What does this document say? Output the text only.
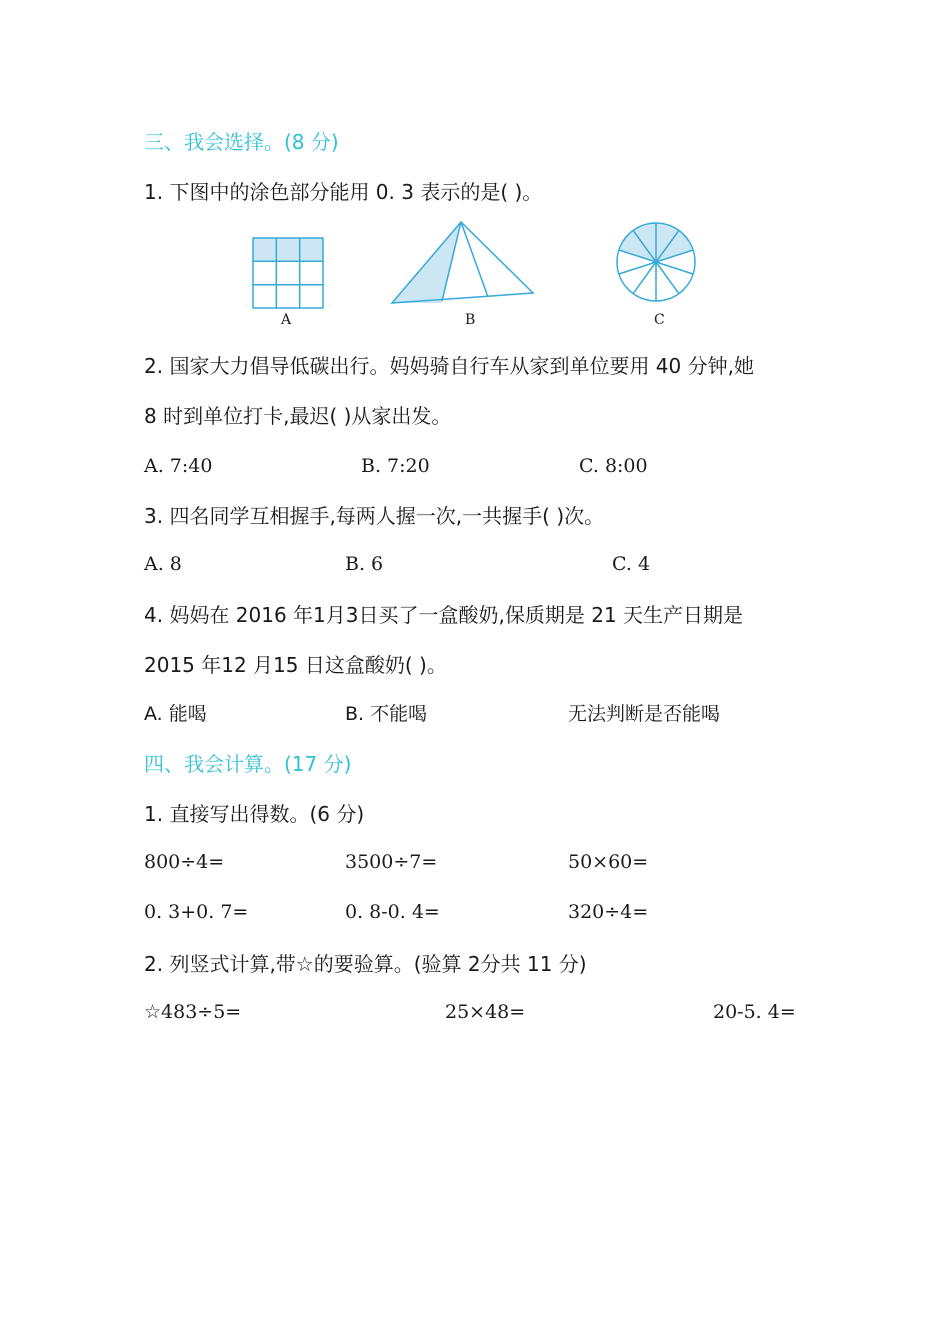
三、我会选择。(8 分)
1. 下图中的涂色部分能用 0. 3 表示的是( )。
A	B	C
2. 国家大力倡导低碳出行。妈妈骑自行车从家到单位要用 40 分钟,她
8 时到单位打卡,最迟( )从家出发。
A. 7:40	B. 7:20	C. 8:00
3. 四名同学互相握手,每两人握一次,一共握手( )次。
A. 8	B. 6	C. 4
4. 妈妈在 2016 年1月3日买了一盒酸奶,保质期是 21 天生产日期是
2015 年12 月15 日这盒酸奶( )。
A. 能喝	B. 不能喝	无法判断是否能喝
四、我会计算。(17 分)
1. 直接写出得数。(6 分)
800÷4=	3500÷7=	50×60=
0. 3+0. 7=	0. 8-0. 4=	320÷4=
2. 列竖式计算,带☆的要验算。(验算 2分共 11 分)
☆483÷5=	25×48=	20-5. 4=
